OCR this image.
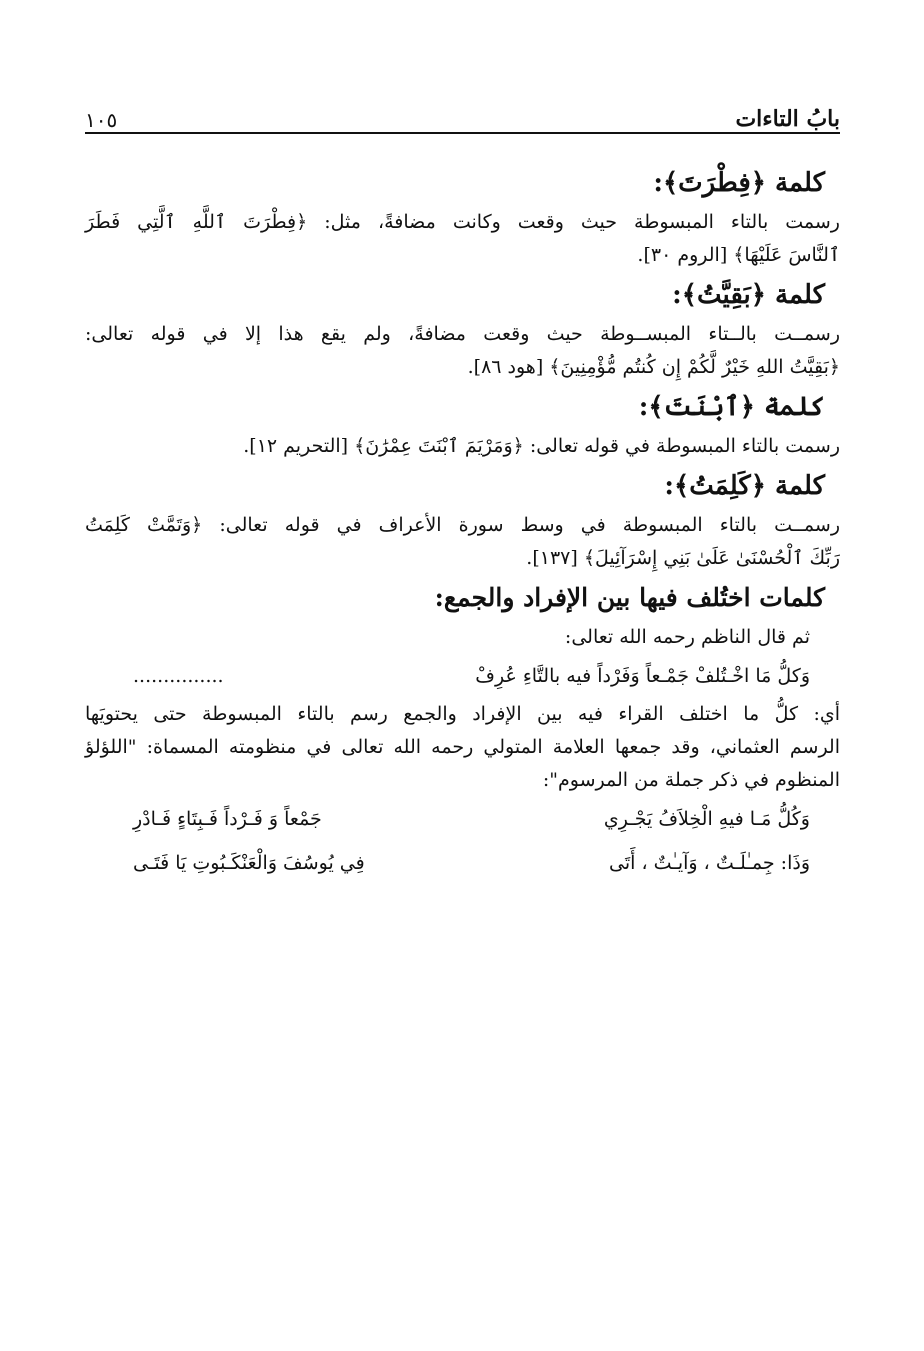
١٠٥	بابُ التاءات
كلمة ﴿فِطْرَتَ﴾:
رسمت بالتاء المبسوطة حيث وقعت وكانت مضافةً، مثل: ﴿فِطْرَتَ ٱللَّهِ ٱلَّتِي فَطَرَ
ٱلنَّاسَ عَلَيْهَا﴾ [الروم ٣٠].
كلمة ﴿بَقِيَّتُ﴾:
رسمــت بالــتاء المبســوطة حيث وقعت مضافةً، ولم يقع هذا إلا في قوله تعالى:
﴿بَقِيَّتُ اللهِ خَيْرٌ لَّكُمْ إِن كُنتُم مُّؤْمِنِينَ﴾ [هود ٨٦].
كلمة ﴿ٱبْنَتَ﴾:
رسمت بالتاء المبسوطة في قوله تعالى: ﴿وَمَرْيَمَ ٱبْنَتَ عِمْرَٰنَ﴾ [التحريم ١٢].
كلمة ﴿كَلِمَتُ﴾:
رسمــت بالتاء المبسوطة في وسط سورة الأعراف في قوله تعالى: ﴿وَتَمَّتْ كَلِمَتُ
رَبِّكَ ٱلْحُسْنَىٰ عَلَىٰ بَنِي إِسْرَآئِيلَ﴾ [١٣٧].
كلمات اختُلف فيها بين الإفراد والجمع:
ثم قال الناظم رحمه الله تعالى:
وَكلُّ مَا اخْـتُلفْ جَمْـعاً وَفَرْداً فيه بالتَّاءِ عُرِفْ
...............
أي: كلُّ ما اختلف القراء فيه بين الإفراد والجمع رسم بالتاء المبسوطة حتى يحتويَها
الرسم العثماني، وقد جمعها العلامة المتولي رحمه الله تعالى في منظومته المسماة: "اللؤلؤ
المنظوم في ذكر جملة من المرسوم":
وَكُلُّ مَـا فيهِ الْخِلاَفُ يَجْـرِي
جَمْعاً وَ فَـرْداً فَـبِتَاءٍ فَـادْرِ
وَذَا: جِمـٰلَـتٌ ، وَآيـٰتٌ ، أَتَى
فِي يُوسُفَ وَالْعَنْكَـبُوتِ يَا فَتَـى
